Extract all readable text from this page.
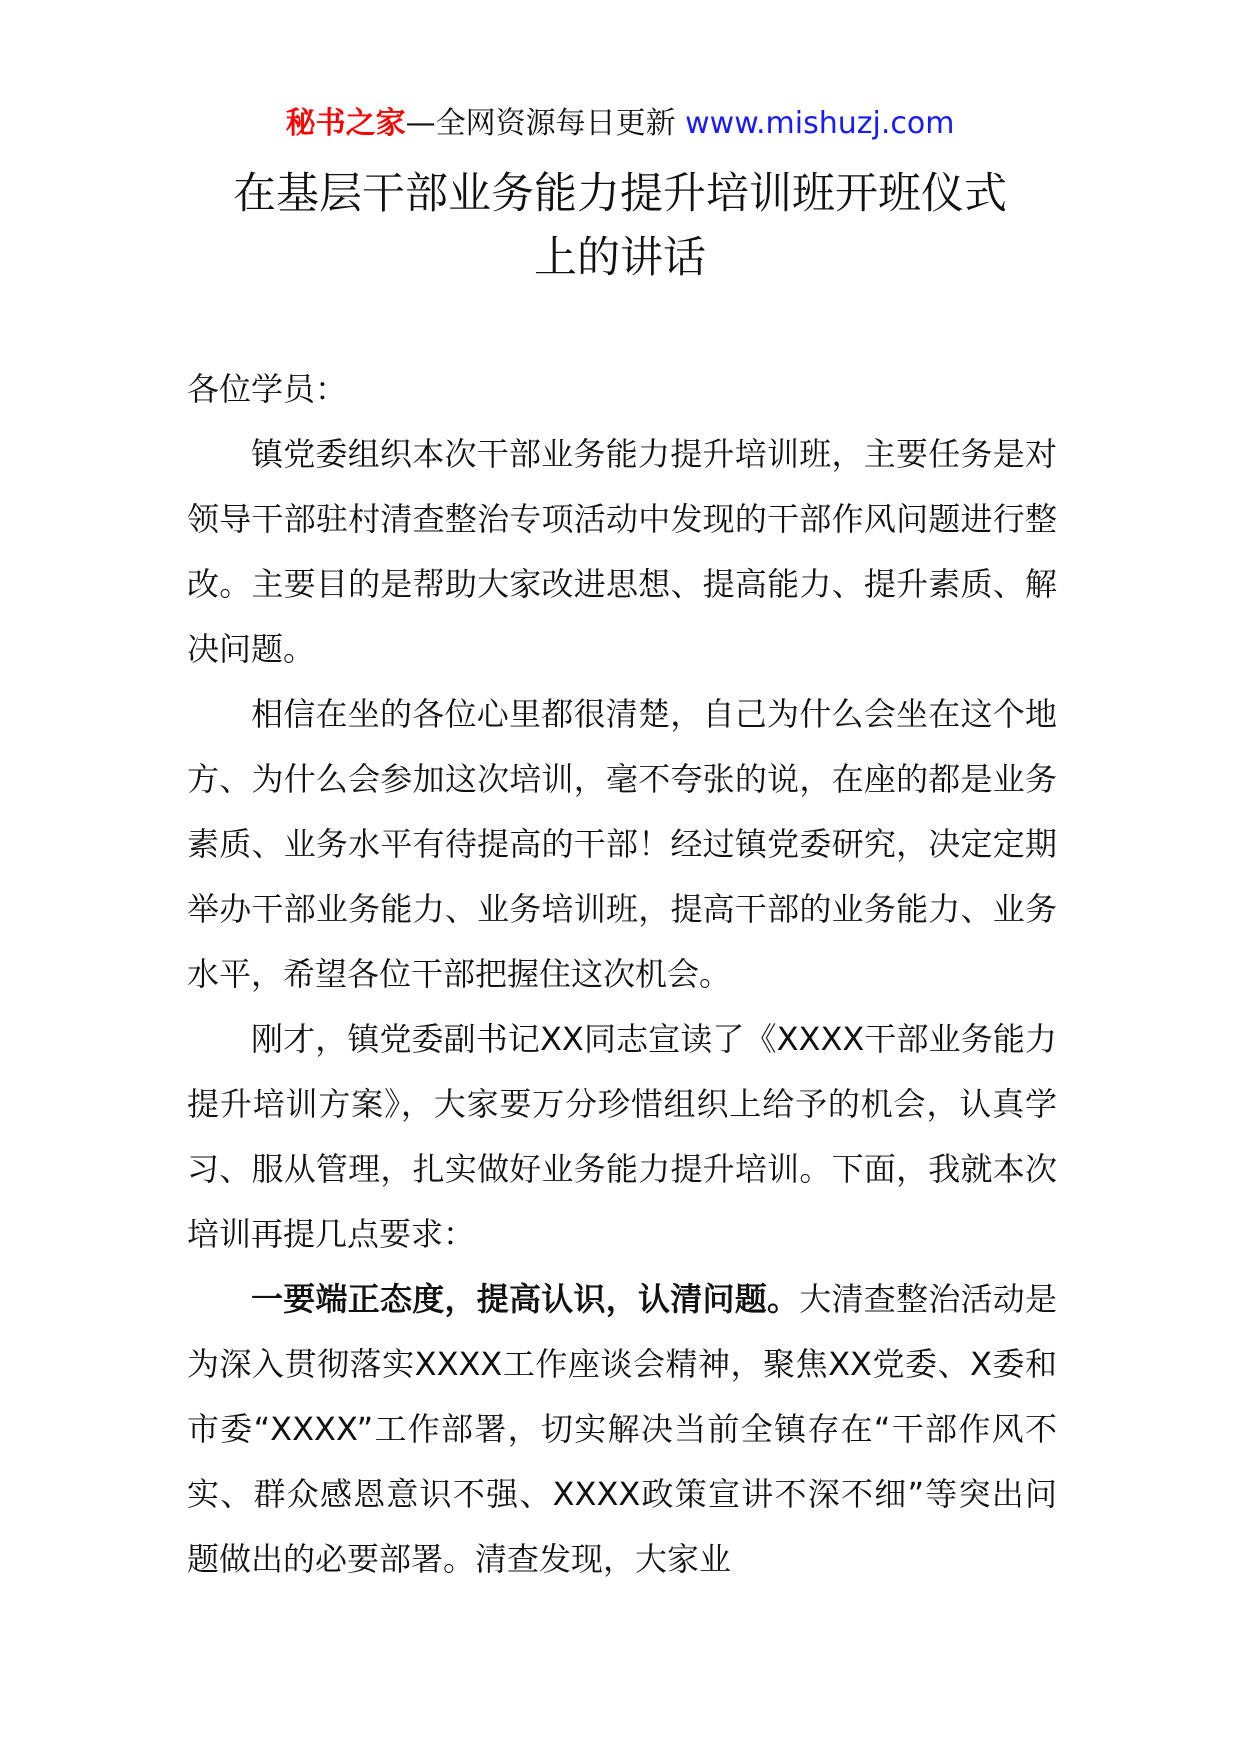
秘书之家—全网资源每日更新 www.mishuzj.com
在基层干部业务能力提升培训班开班仪式
上的讲话

各位学员：

镇党委组织本次干部业务能力提升培训班，主要任务是对领导干部驻村清查整治专项活动中发现的干部作风问题进行整改。主要目的是帮助大家改进思想、提高能力、提升素质、解决问题。

相信在坐的各位心里都很清楚，自己为什么会坐在这个地方、为什么会参加这次培训，毫不夸张的说，在座的都是业务素质、业务水平有待提高的干部！经过镇党委研究，决定定期举办干部业务能力、业务培训班，提高干部的业务能力、业务水平，希望各位干部把握住这次机会。

刚才，镇党委副书记XX同志宣读了《XXXX干部业务能力提升培训方案》，大家要万分珍惜组织上给予的机会，认真学习、服从管理，扎实做好业务能力提升培训。下面，我就本次培训再提几点要求：

一要端正态度，提高认识，认清问题。大清查整治活动是为深入贯彻落实XXXX工作座谈会精神，聚焦XX党委、X委和市委“XXXX”工作部署，切实解决当前全镇存在“干部作风不实、群众感恩意识不强、XXXX政策宣讲不深不细”等突出问题做出的必要部署。清查发现，大家业
